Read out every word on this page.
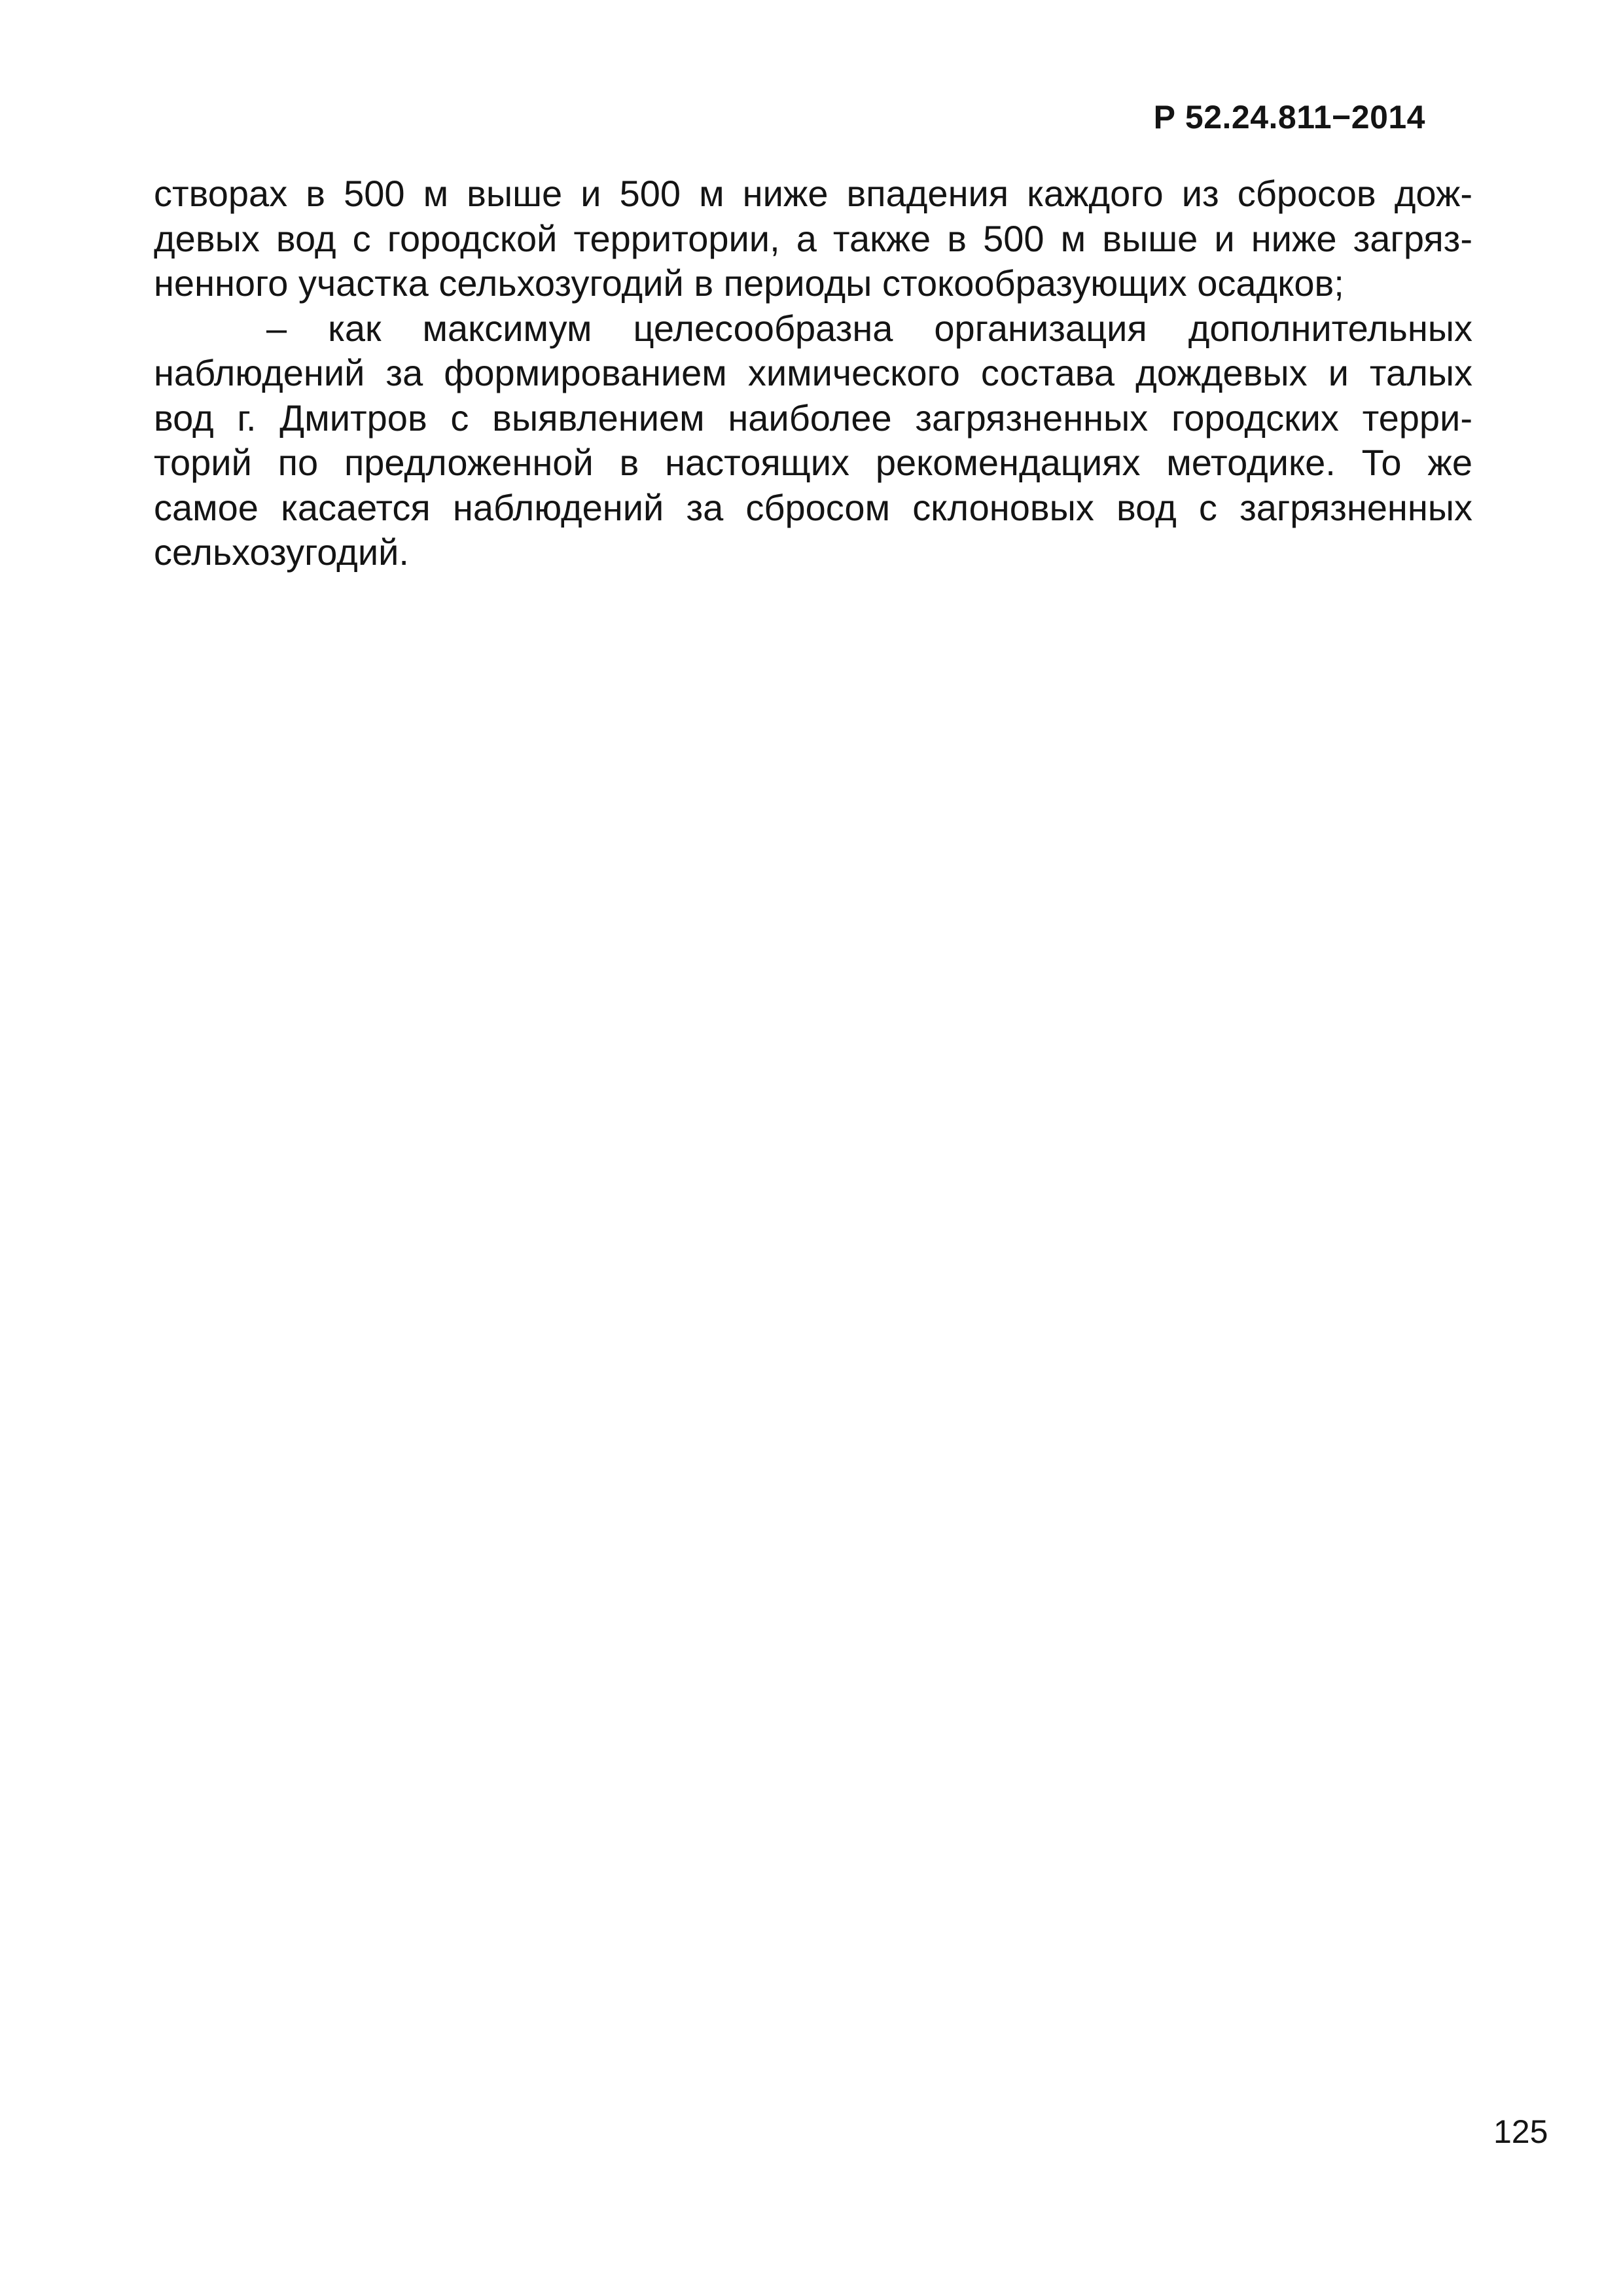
Р 52.24.811−2014
створах в 500 м выше и 500 м ниже впадения каждого из сбросов дож-
девых вод с городской территории, а также в 500 м выше и ниже загряз-
ненного участка сельхозугодий в периоды стокообразующих осадков;
– как максимум целесообразна организация дополнительных
наблюдений за формированием химического состава дождевых и талых
вод г. Дмитров с выявлением наиболее загрязненных городских терри-
торий по предложенной в настоящих рекомендациях методике. То же
самое касается наблюдений за сбросом склоновых вод с загрязненных
сельхозугодий.
125
